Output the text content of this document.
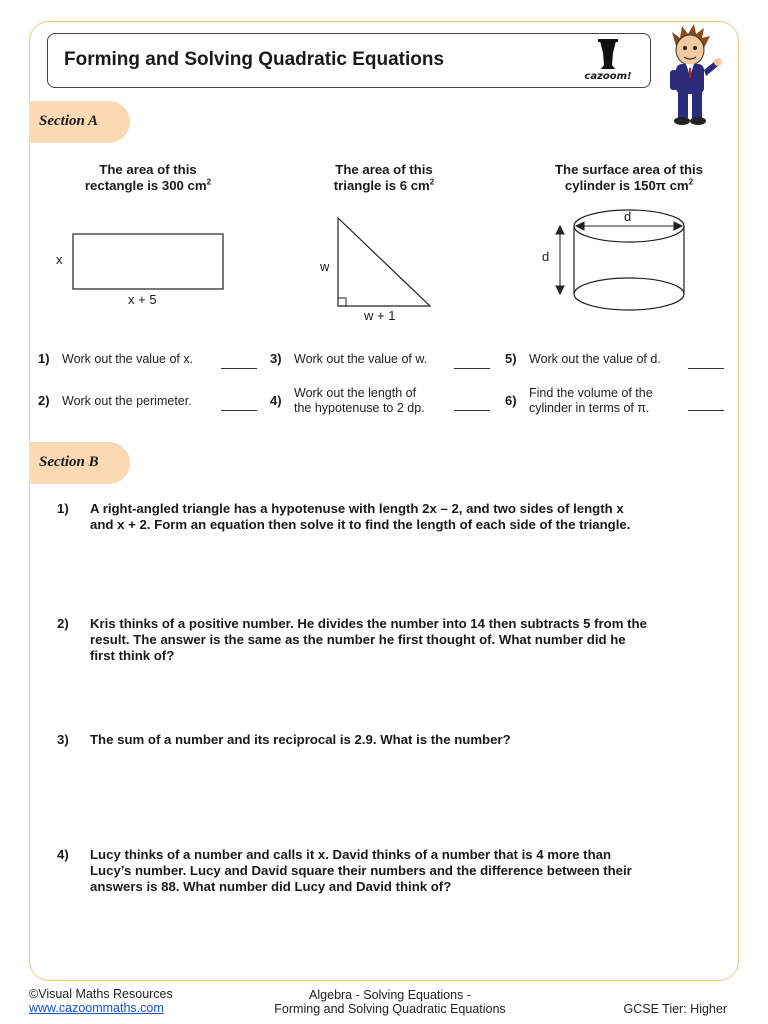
Forming and Solving Quadratic Equations
cazoom!
Section A
The area of this
rectangle is 300 $cm^2$
The area of this
triangle is 6 $cm^2$
The surface area of this
cylinder is 150π $cm^2$
x
x + 5
w
w + 1
d
d
1) Work out the value of x.
2) Work out the perimeter.
3) Work out the value of w.
4) Work out the length of
the hypotenuse to 2 dp.
5) Work out the value of d.
6) Find the volume of the
cylinder in terms of π.
Section B
1) A right-angled triangle has a hypotenuse with length 2x – 2, and two sides of length x
and x + 2. Form an equation then solve it to find the length of each side of the triangle.
2) Kris thinks of a positive number. He divides the number into 14 then subtracts 5 from the
result. The answer is the same as the number he first thought of. What number did he
first think of?
3) The sum of a number and its reciprocal is 2.9. What is the number?
4) Lucy thinks of a number and calls it x. David thinks of a number that is 4 more than
Lucy’s number. Lucy and David square their numbers and the difference between their
answers is 88. What number did Lucy and David think of?
©Visual Maths Resources
www.cazoommaths.com
Algebra - Solving Equations -
Forming and Solving Quadratic Equations	GCSE Tier: Higher
